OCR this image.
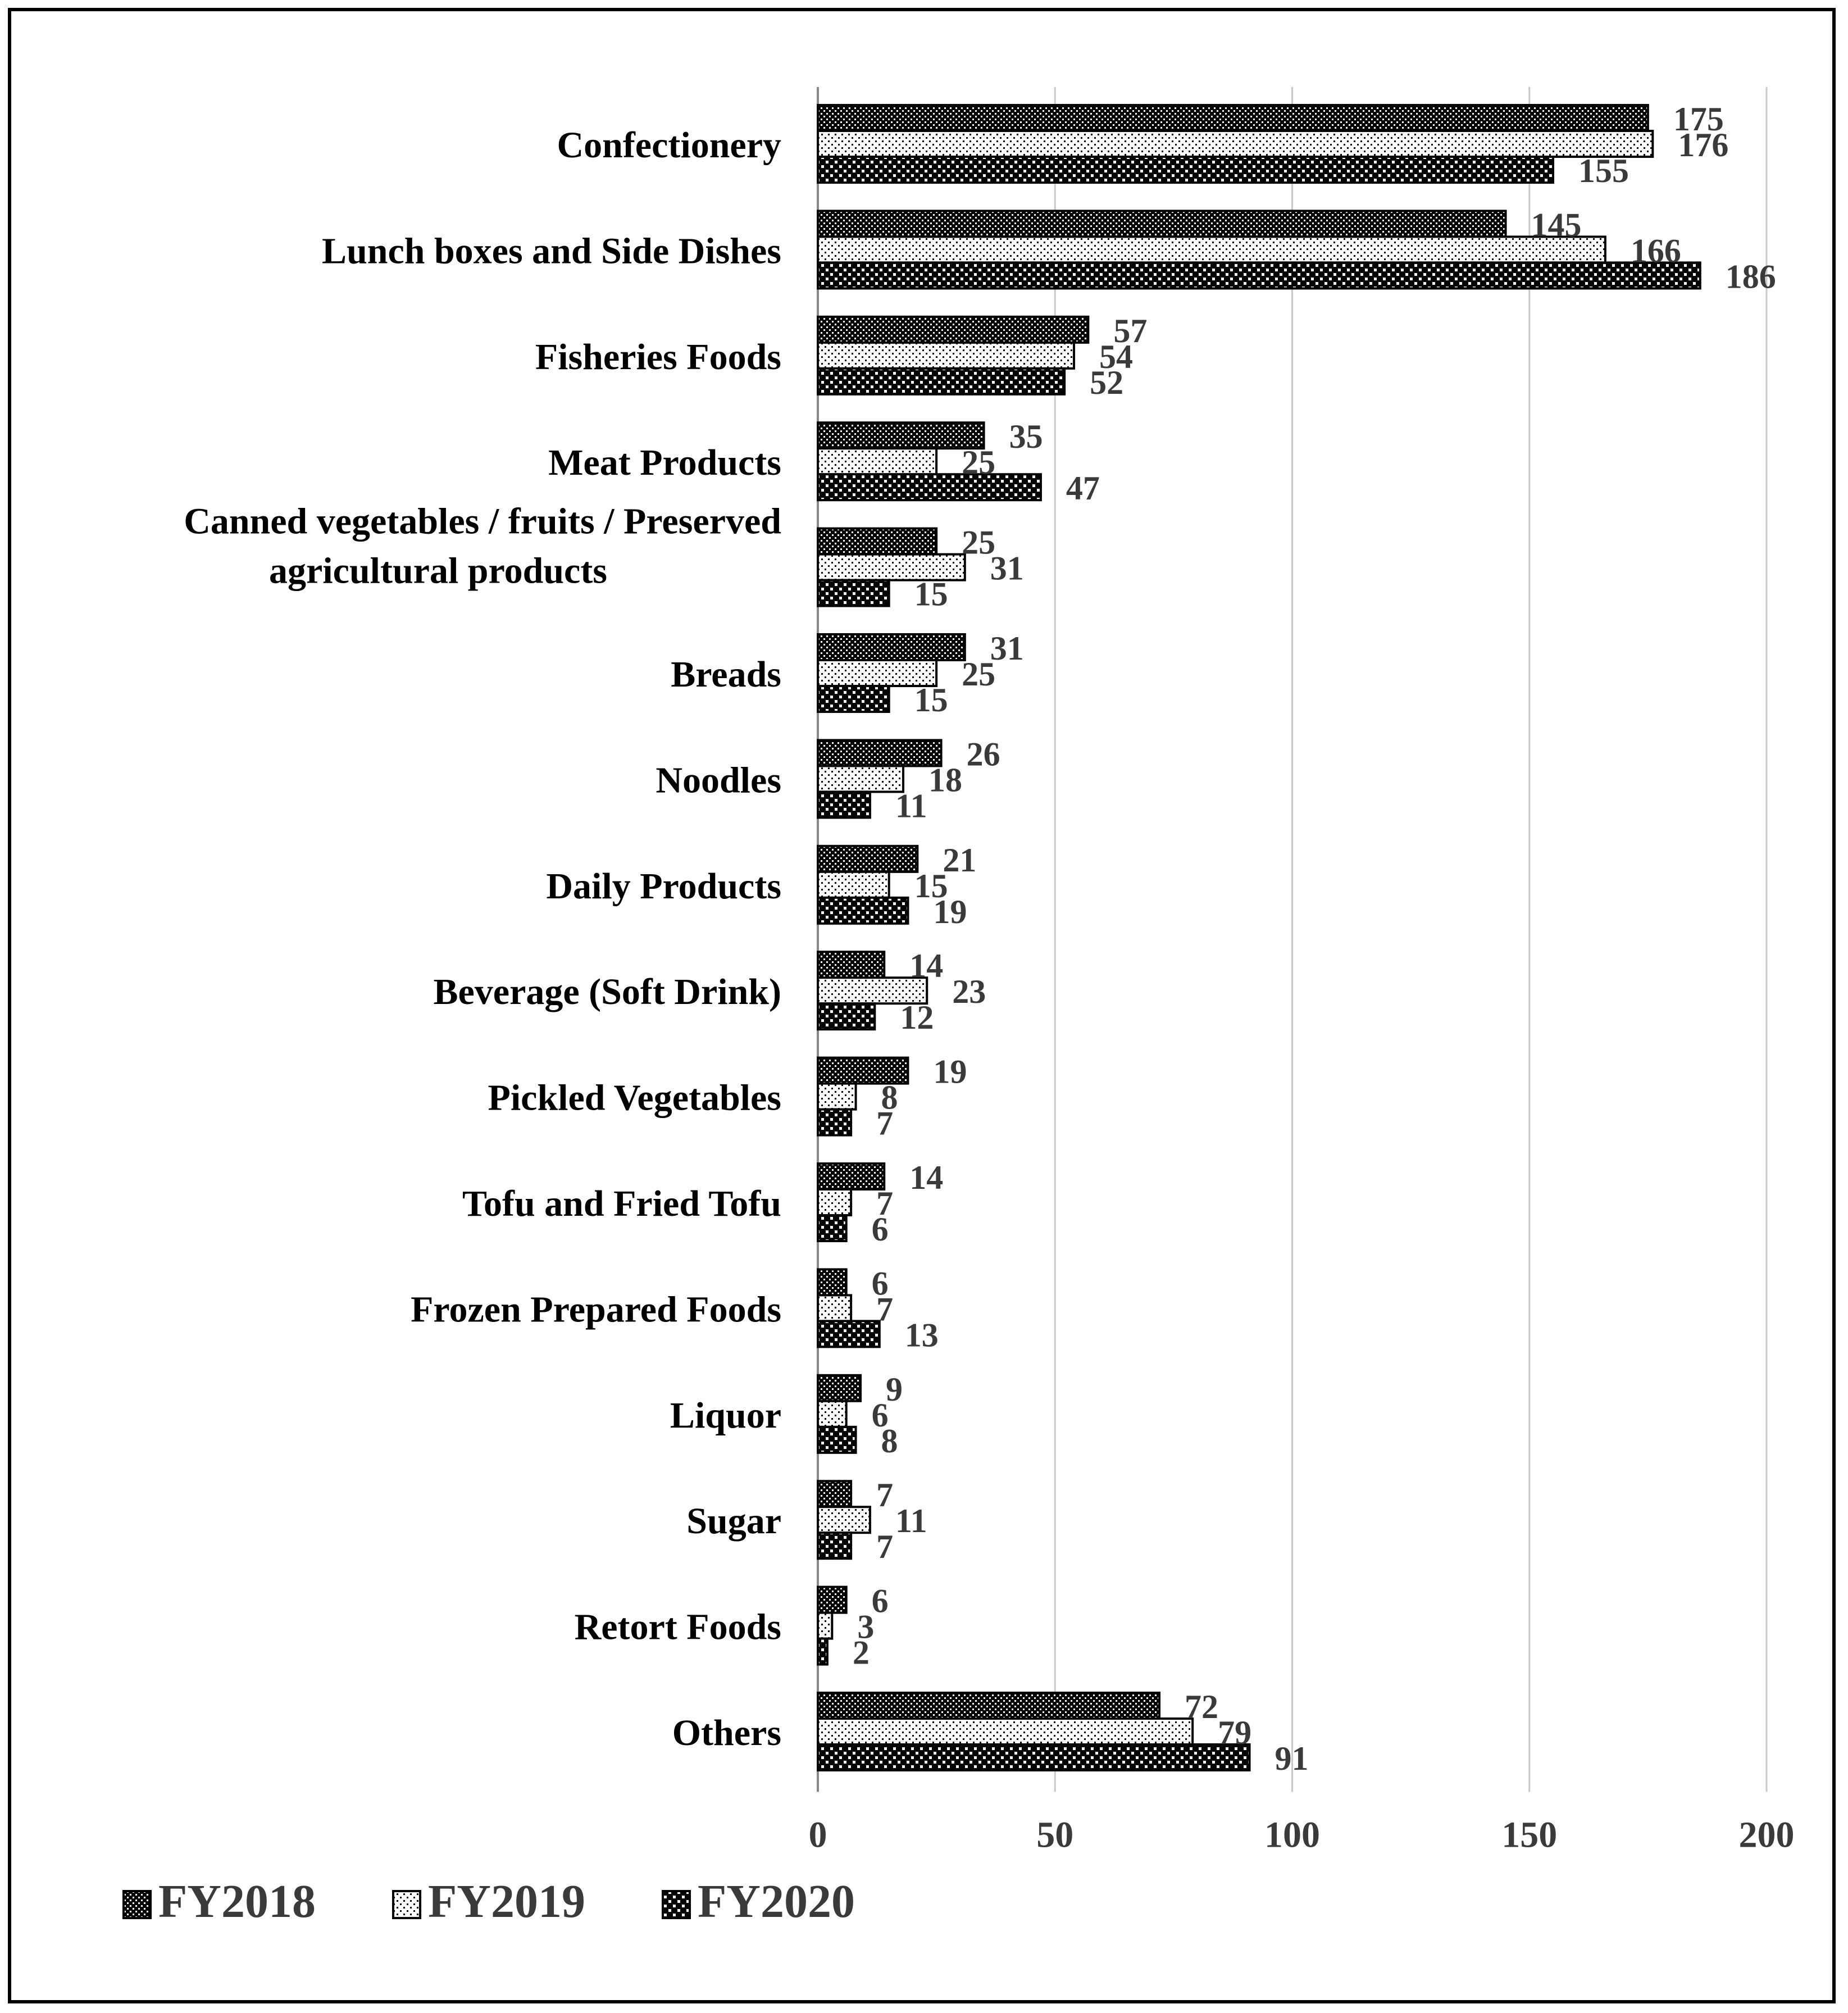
Confectionery
175
176
155
Lunch boxes and Side Dishes
145
166
186
Fisheries Foods
57
54
52
Meat Products
35
25
47
Canned vegetables / fruits / Preserved
agricultural products
25
31
15
Breads
31
25
15
Noodles
26
18
11
Daily Products
21
15
19
Beverage (Soft Drink)
14
23
12
Pickled Vegetables
19
8
7
Tofu and Fried Tofu
14
7
6
Frozen Prepared Foods
6
7
13
Liquor
9
6
8
Sugar
7
11
7
Retort Foods
6
3
2
Others
72
79
91
0	50	100	150	200
FY2018 FY2019 FY2020
